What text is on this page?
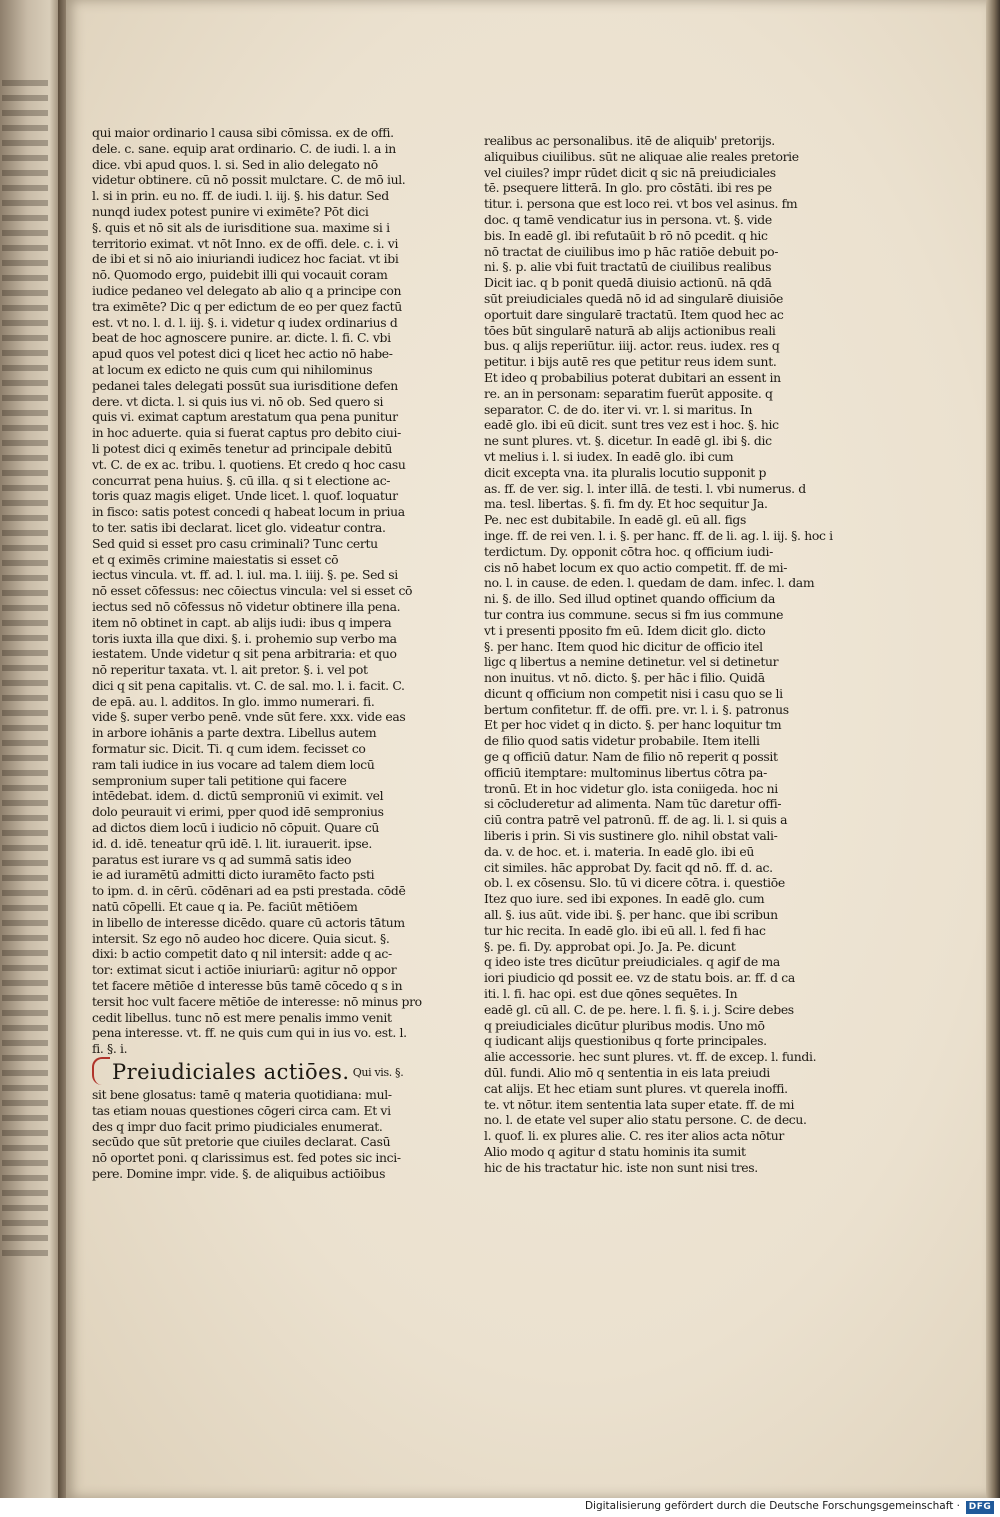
qui maior ordinario l causa sibi cōmissa. ex de offi.
dele. c. sane. equip arat ordinario. C. de iudi. l. a in
dice. vbi apud quos. l. si. Sed in alio delegato nō
videtur obtinere. cū nō possit mulctare. C. de mō iul.
l. si in prin. eu no. ff. de iudi. l. iij. §. his datur. Sed
nunqd iudex potest punire vi eximēte? Pōt dici
§. quis et nō sit als de iurisditione sua. maxime si i
territorio eximat. vt nōt Inno. ex de offi. dele. c. i. vi
de ibi et si nō aio iniuriandi iudicez hoc faciat. vt ibi
nō. Quomodo ergo, puidebit illi qui vocauit coram
iudice pedaneo vel delegato ab alio q a principe con
tra eximēte? Dic q per edictum de eo per quez factū
est. vt no. l. d. l. iij. §. i. videtur q iudex ordinarius d
beat de hoc agnoscere punire. ar. dicte. l. fi. C. vbi
apud quos vel potest dici q licet hec actio nō habe-
at locum ex edicto ne quis cum qui nihilominus
pedanei tales delegati possūt sua iurisditione defen
dere. vt dicta. l. si quis ius vi. nō ob. Sed quero si
quis vi. eximat captum arestatum qua pena punitur
in hoc aduerte. quia si fuerat captus pro debito ciui-
li potest dici q eximēs tenetur ad principale debitū
vt. C. de ex ac. tribu. l. quotiens. Et credo q hoc casu
concurrat pena huius. §. cū illa. q si t electione ac-
toris quaz magis eliget. Unde licet. l. quof. loquatur
in fisco: satis potest concedi q habeat locum in priua
to ter. satis ibi declarat. licet glo. videatur contra.
Sed quid si esset pro casu criminali? Tunc certu
et q eximēs crimine maiestatis si esset cō
iectus vincula. vt. ff. ad. l. iul. ma. l. iiij. §. pe. Sed si
nō esset cōfessus: nec cōiectus vincula: vel si esset cō
iectus sed nō cōfessus nō videtur obtinere illa pena.
item nō obtinet in capt. ab alijs iudi: ibus q impera
toris iuxta illa que dixi. §. i. prohemio sup verbo ma
iestatem. Unde videtur q sit pena arbitraria: et quo
nō reperitur taxata. vt. l. ait pretor. §. i. vel pot
dici q sit pena capitalis. vt. C. de sal. mo. l. i. facit. C.
de epā. au. l. additos. In glo. immo numerari. fi.
vide §. super verbo penē. vnde sūt fere. xxx. vide eas
in arbore iohānis a parte dextra. Libellus autem
formatur sic. Dicit. Ti. q cum idem. fecisset co
ram tali iudice in ius vocare ad talem diem locū
sempronium super tali petitione qui facere
intēdebat. idem. d. dictū semproniū vi eximit. vel
dolo peurauit vi erimi, pper quod idē sempronius
ad dictos diem locū i iudicio nō cōpuit. Quare cū
id. d. idē. teneatur qrū idē. l. lit. iurauerit. ipse.
paratus est iurare vs q ad summā satis ideo
ie ad iuramētū admitti dicto iuramēto facto psti
to ipm. d. in cērū. cōdēnari ad ea psti prestada. cōdē
natū cōpelli. Et caue q ia. Pe. faciūt mētiōem
in libello de interesse dicēdo. quare cū actoris tātum
intersit. Sz ego nō audeo hoc dicere. Quia sicut. §.
dixi: b actio competit dato q nil intersit: adde q ac-
tor: extimat sicut i actiōe iniuriarū: agitur nō oppor
tet facere mētiōe d interesse būs tamē cōcedo q s in
tersit hoc vult facere mētiōe de interesse: nō minus pro
cedit libellus. tunc nō est mere penalis immo venit
pena interesse. vt. ff. ne quis cum qui in ius vo. est. l.
fi. §. i.
Preiudiciales actiōes. Qui vis. §.
sit bene glosatus: tamē q materia quotidiana: mul-
tas etiam nouas questiones cōgeri circa cam. Et vi
des q impr duo facit primo piudiciales enumerat.
secūdo que sūt pretorie que ciuiles declarat. Casū
nō oportet poni. q clarissimus est. fed potes sic inci-
pere. Domine impr. vide. §. de aliquibus actiōibus
realibus ac personalibus. itē de aliquib' pretorijs.
aliquibus ciuilibus. sūt ne aliquae alie reales pretorie
vel ciuiles? impr rūdet dicit q sic nā preiudiciales
tē. psequere litterā. In glo. pro cōstāti. ibi res pe
titur. i. persona que est loco rei. vt bos vel asinus. fm
doc. q tamē vendicatur ius in persona. vt. §. vide
bis. In eadē gl. ibi refutaūit b rō nō pcedit. q hic
nō tractat de ciuilibus imo p hāc ratiōe debuit po-
ni. §. p. alie vbi fuit tractatū de ciuilibus realibus
Dicit iac. q b ponit quedā diuisio actionū. nā qdā
sūt preiudiciales quedā nō id ad singularē diuisiōe
oportuit dare singularē tractatū. Item quod hec ac
tōes būt singularē naturā ab alijs actionibus reali
bus. q alijs reperiūtur. iiij. actor. reus. iudex. res q
petitur. i bijs autē res que petitur reus idem sunt.
Et ideo q probabilius poterat dubitari an essent in
re. an in personam: separatim fuerūt apposite. q
separator. C. de do. iter vi. vr. l. si maritus. In
eadē glo. ibi eū dicit. sunt tres vez est i hoc. §. hic
ne sunt plures. vt. §. dicetur. In eadē gl. ibi §. dic
vt melius i. l. si iudex. In eadē glo. ibi cum
dicit excepta vna. ita pluralis locutio supponit p
as. ff. de ver. sig. l. inter illā. de testi. l. vbi numerus. d
ma. tesl. libertas. §. fi. fm dy. Et hoc sequitur Ja.
Pe. nec est dubitabile. In eadē gl. eū all. figs
inge. ff. de rei ven. l. i. §. per hanc. ff. de li. ag. l. iij. §. hoc i
terdictum. Dy. opponit cōtra hoc. q officium iudi-
cis nō habet locum ex quo actio competit. ff. de mi-
no. l. in cause. de eden. l. quedam de dam. infec. l. dam
ni. §. de illo. Sed illud optinet quando officium da
tur contra ius commune. secus si fm ius commune
vt i presenti pposito fm eū. Idem dicit glo. dicto
§. per hanc. Item quod hic dicitur de officio itel
ligc q libertus a nemine detinetur. vel si detinetur
non inuitus. vt nō. dicto. §. per hāc i filio. Quidā
dicunt q officium non competit nisi i casu quo se li
bertum confitetur. ff. de offi. pre. vr. l. i. §. patronus
Et per hoc videt q in dicto. §. per hanc loquitur tm
de filio quod satis videtur probabile. Item itelli
ge q officiū datur. Nam de filio nō reperit q possit
officiū itemptare: multominus libertus cōtra pa-
tronū. Et in hoc videtur glo. ista coniigeda. hoc ni
si cōcluderetur ad alimenta. Nam tūc daretur offi-
ciū contra patrē vel patronū. ff. de ag. li. l. si quis a
liberis i prin. Si vis sustinere glo. nihil obstat vali-
da. v. de hoc. et. i. materia. In eadē glo. ibi eū
cit similes. hāc approbat Dy. facit qd nō. ff. d. ac.
ob. l. ex cōsensu. Slo. tū vi dicere cōtra. i. questiōe
Itez quo iure. sed ibi expones. In eadē glo. cum
all. §. ius aūt. vide ibi. §. per hanc. que ibi scribun
tur hic recita. In eadē glo. ibi eū all. l. fed fi hac
§. pe. fi. Dy. approbat opi. Jo. Ja. Pe. dicunt
q ideo iste tres dicūtur preiudiciales. q agif de ma
iori piudicio qd possit ee. vz de statu bois. ar. ff. d ca
iti. l. fi. hac opi. est due qōnes sequētes. In
eadē gl. cū all. C. de pe. here. l. fi. §. i. j. Scire debes
q preiudiciales dicūtur pluribus modis. Uno mō
q iudicant alijs questionibus q forte principales.
alie accessorie. hec sunt plures. vt. ff. de excep. l. fundi.
dūl. fundi. Alio mō q sententia in eis lata preiudi
cat alijs. Et hec etiam sunt plures. vt querela inoffi.
te. vt nōtur. item sententia lata super etate. ff. de mi
no. l. de etate vel super alio statu persone. C. de decu.
l. quof. li. ex plures alie. C. res iter alios acta nōtur
Alio modo q agitur d statu hominis ita sumit
hic de his tractatur hic. iste non sunt nisi tres.
Digitalisierung gefördert durch die Deutsche Forschungsgemeinschaft · DFG
